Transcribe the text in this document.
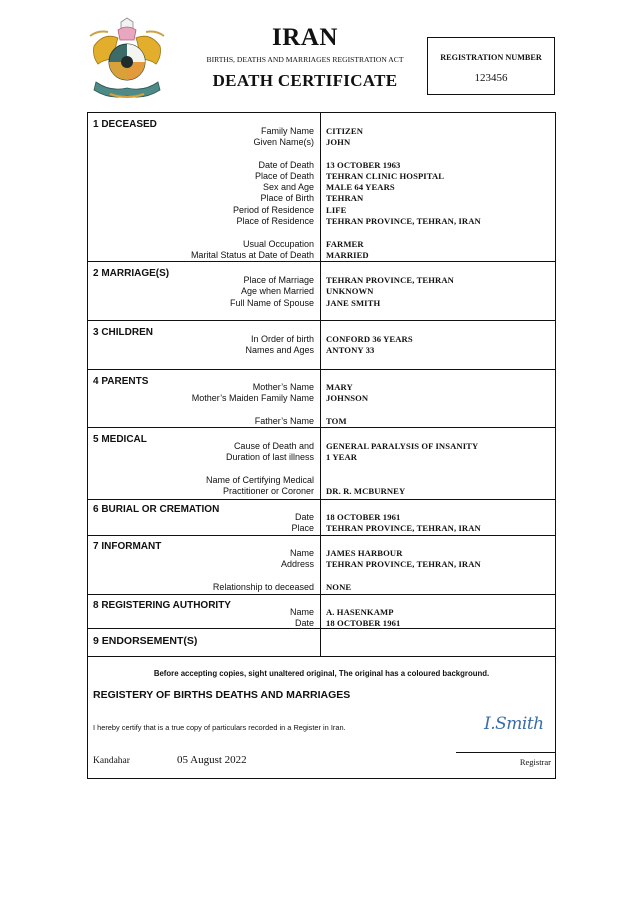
IRAN
BIRTHS, DEATHS AND MARRIAGES REGISTRATION ACT
DEATH CERTIFICATE
REGISTRATION NUMBER
123456
1 DECEASED
Family Name CITIZEN
Given Name(s) JOHN
Date of Death 13 OCTOBER 1963
Place of Death TEHRAN CLINIC HOSPITAL
Sex and Age MALE 64 YEARS
Place of Birth TEHRAN
Period of Residence LIFE
Place of Residence TEHRAN PROVINCE, TEHRAN, IRAN
Usual Occupation FARMER
Marital Status at Date of Death MARRIED
2 MARRIAGE(S)
Place of Marriage TEHRAN PROVINCE, TEHRAN
Age when Married UNKNOWN
Full Name of Spouse JANE SMITH
3 CHILDREN
In Order of birth CONFORD 36 YEARS
Names and Ages ANTONY 33
4 PARENTS	Mother’s Name MARY
Mother’s Maiden Family Name JOHNSON
Father’s Name TOM
5 MEDICAL
Cause of Death and GENERAL PARALYSIS OF INSANITY
Duration of last illness 1 YEAR
Name of Certifying Medical
Practitioner or Coroner DR. R. MCBURNEY
6 BURIAL OR CREMATION
Date 18 OCTOBER 1961
Place TEHRAN PROVINCE, TEHRAN, IRAN
7 INFORMANT
Name JAMES HARBOUR
Address TEHRAN PROVINCE, TEHRAN, IRAN
Relationship to deceased NONE
8 REGISTERING AUTHORITY
Name A. HASENKAMP
Date 18 OCTOBER 1961
9 ENDORSEMENT(S)
Before accepting copies, sight unaltered original, The original has a coloured background.
REGISTERY OF BIRTHS DEATHS AND MARRIAGES
I hereby certify that is a true copy of particulars recorded in a Register in Iran.
Kandahar	05 August 2022
I.Smith
Registrar
